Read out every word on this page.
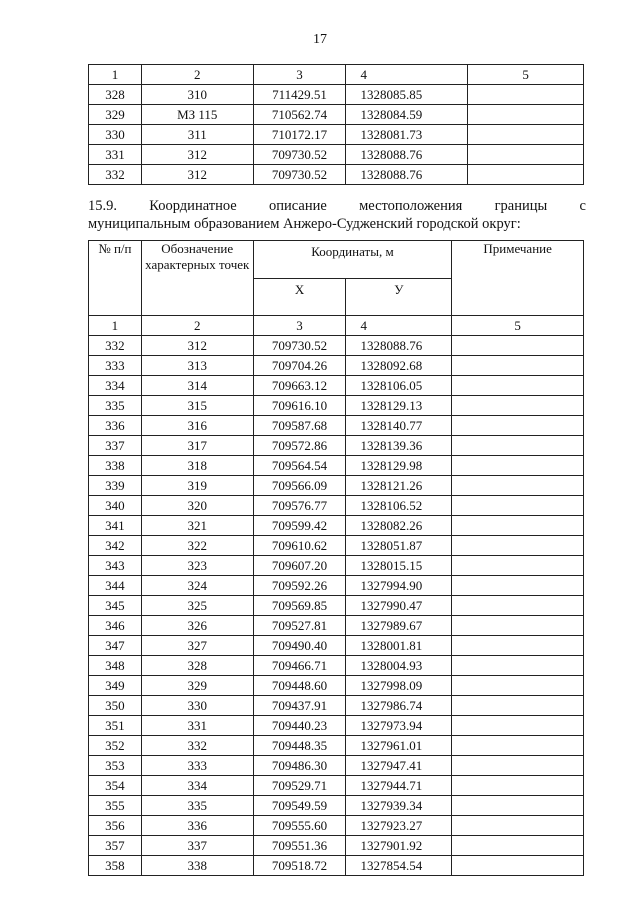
17
1	2	3	4	5
328	310	711429.51	1328085.85	
329	МЗ 115	710562.74	1328084.59	
330	311	710172.17	1328081.73	
331	312	709730.52	1328088.76	
332	312	709730.52	1328088.76	
15.9. Координатное описание местоположения границы с
муниципальным образованием Анжеро-Судженский городской округ:
№ п/п	Обозначение характерных точек	Координаты, м		Примечание
		Х	У	
1	2	3	4	5
332	312	709730.52	1328088.76	
333	313	709704.26	1328092.68	
334	314	709663.12	1328106.05	
335	315	709616.10	1328129.13	
336	316	709587.68	1328140.77	
337	317	709572.86	1328139.36	
338	318	709564.54	1328129.98	
339	319	709566.09	1328121.26	
340	320	709576.77	1328106.52	
341	321	709599.42	1328082.26	
342	322	709610.62	1328051.87	
343	323	709607.20	1328015.15	
344	324	709592.26	1327994.90	
345	325	709569.85	1327990.47	
346	326	709527.81	1327989.67	
347	327	709490.40	1328001.81	
348	328	709466.71	1328004.93	
349	329	709448.60	1327998.09	
350	330	709437.91	1327986.74	
351	331	709440.23	1327973.94	
352	332	709448.35	1327961.01	
353	333	709486.30	1327947.41	
354	334	709529.71	1327944.71	
355	335	709549.59	1327939.34	
356	336	709555.60	1327923.27	
357	337	709551.36	1327901.92	
358	338	709518.72	1327854.54	
